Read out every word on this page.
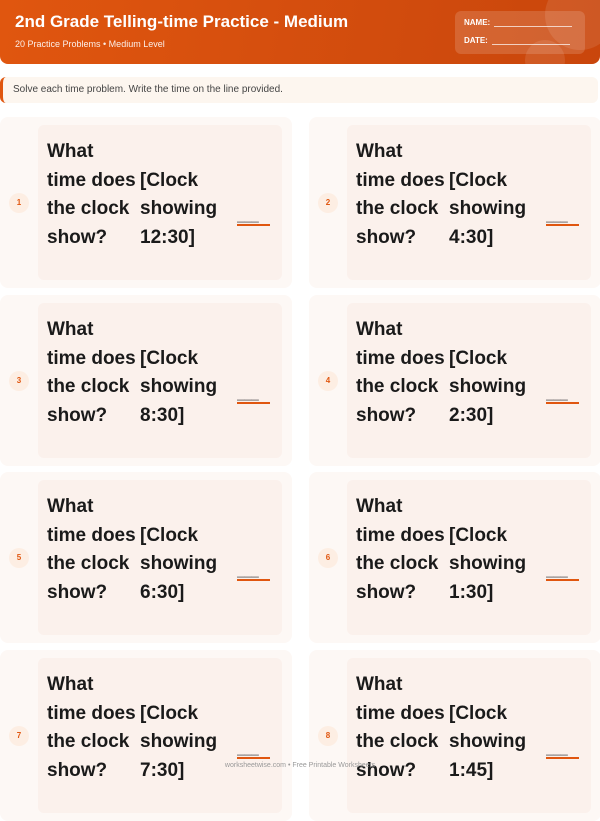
2nd Grade Telling-time Practice - Medium
20 Practice Problems • Medium Level
NAME:
DATE:
Solve each time problem. Write the time on the line provided.
1
What time does the clock show?
[Clock showing 12:30]
___
2
What time does the clock show?
[Clock showing 4:30]
___
3
What time does the clock show?
[Clock showing 8:30]
___
4
What time does the clock show?
[Clock showing 2:30]
___
5
What time does the clock show?
[Clock showing 6:30]
___
6
What time does the clock show?
[Clock showing 1:30]
___
7
What time does the clock show?
[Clock showing 7:30]
___
8
What time does the clock show?
[Clock showing 1:45]
___
worksheetwise.com • Free Printable Worksheets
